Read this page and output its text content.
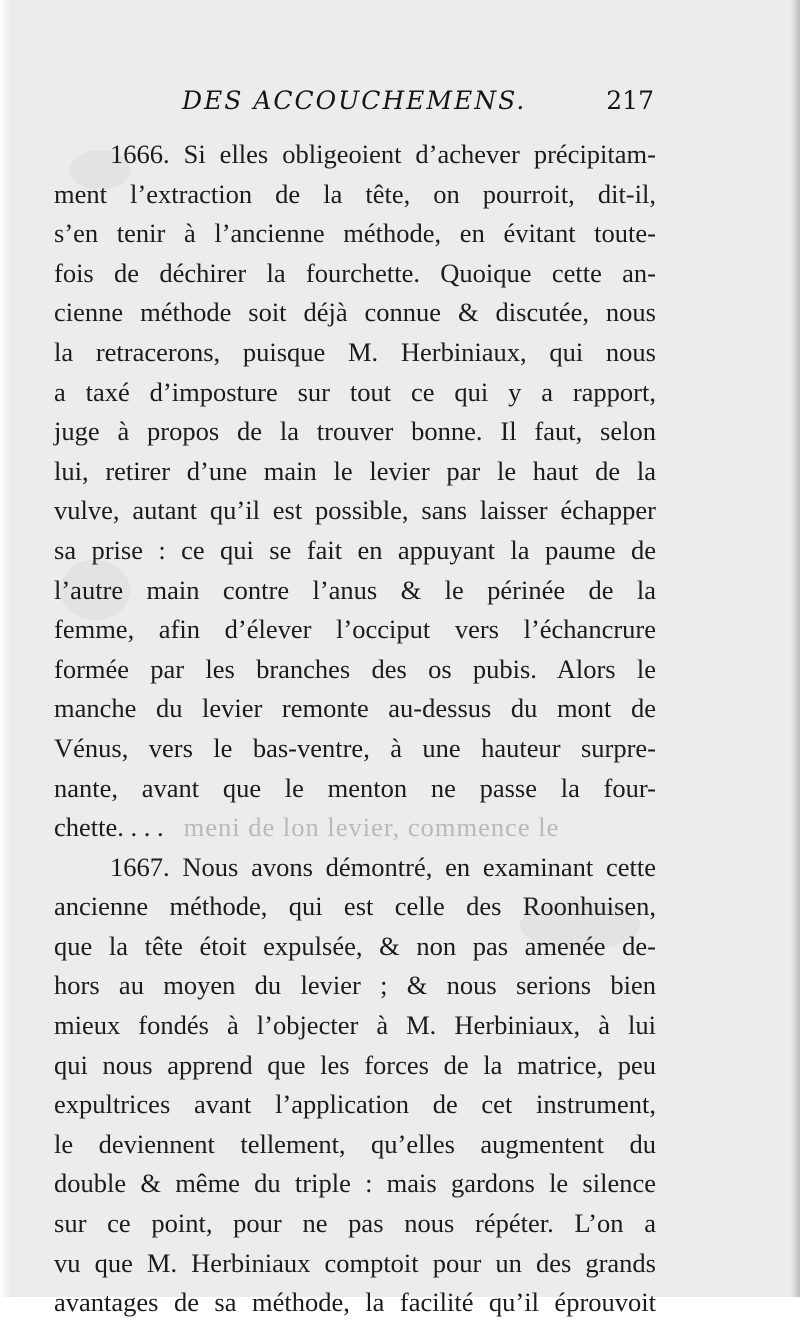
DES ACCOUCHEMENS.	217
1666. Si elles obligeoient d’achever précipitam-
ment l’extraction de la tête, on pourroit, dit-il,
s’en tenir à l’ancienne méthode, en évitant toute-
fois de déchirer la fourchette. Quoique cette an-
cienne méthode soit déjà connue & discutée, nous
la retracerons, puisque M. Herbiniaux, qui nous
a taxé d’imposture sur tout ce qui y a rapport,
juge à propos de la trouver bonne. Il faut, selon
lui, retirer d’une main le levier par le haut de la
vulve, autant qu’il est possible, sans laisser échapper
sa prise : ce qui se fait en appuyant la paume de
l’autre main contre l’anus & le périnée de la
femme, afin d’élever l’occiput vers l’échancrure
formée par les branches des os pubis. Alors le
manche du levier remonte au-dessus du mont de
Vénus, vers le bas-ventre, à une hauteur surpre-
nante, avant que le menton ne passe la four-
chette. . . . meni de lon levier, commence le
1667. Nous avons démontré, en examinant cette
ancienne méthode, qui est celle des Roonhuisen,
que la tête étoit expulsée, & non pas amenée de-
hors au moyen du levier ; & nous serions bien
mieux fondés à l’objecter à M. Herbiniaux, à lui
qui nous apprend que les forces de la matrice, peu
expultrices avant l’application de cet instrument,
le deviennent tellement, qu’elles augmentent du
double & même du triple : mais gardons le silence
sur ce point, pour ne pas nous répéter. L’on a
vu que M. Herbiniaux comptoit pour un des grands
avantages de sa méthode, la facilité qu’il éprouvoit
